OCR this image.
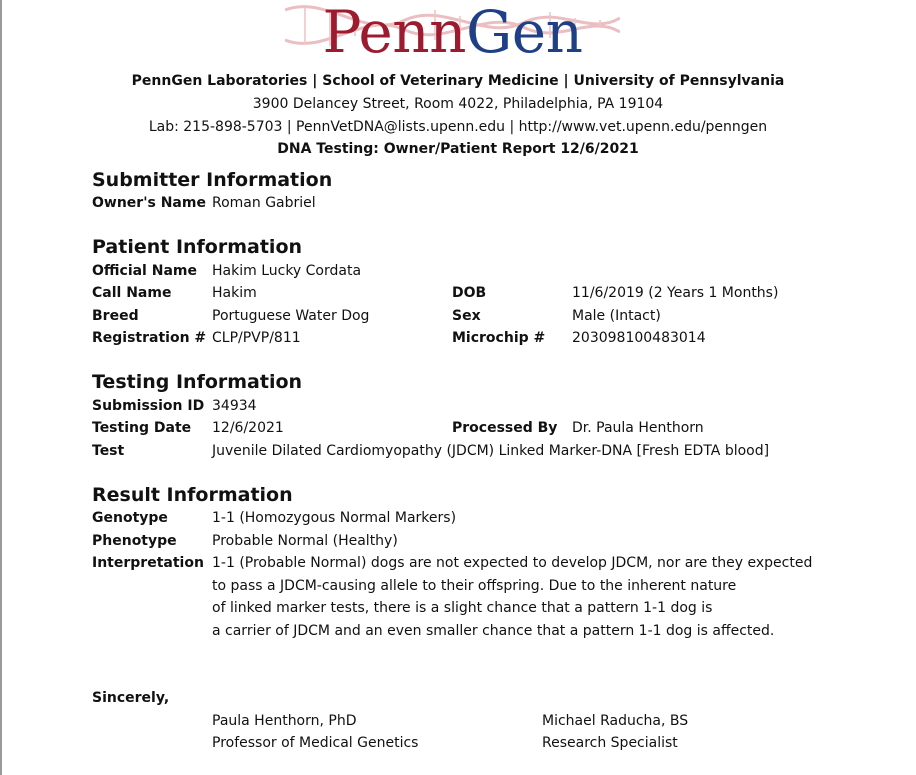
PennGen
PennGen Laboratories | School of Veterinary Medicine | University of Pennsylvania
3900 Delancey Street, Room 4022, Philadelphia, PA 19104
Lab: 215-898-5703 | PennVetDNA@lists.upenn.edu | http://www.vet.upenn.edu/penngen
DNA Testing: Owner/Patient Report 12/6/2021
Submitter Information
Owner's Name Roman Gabriel
Patient Information
Official Name Hakim Lucky Cordata
Call Name	Hakim	DOB	11/6/2019 (2 Years 1 Months)
Breed	Portuguese Water Dog	Sex	Male (Intact)
Registration # CLP/PVP/811	Microchip # 203098100483014
Testing Information
Submission ID 34934
Testing Date 12/6/2021	Processed By Dr. Paula Henthorn
Test	Juvenile Dilated Cardiomyopathy (JDCM) Linked Marker-DNA [Fresh EDTA blood]
Result Information
Genotype	1-1 (Homozygous Normal Markers)
Phenotype	Probable Normal (Healthy)
Interpretation 1-1 (Probable Normal) dogs are not expected to develop JDCM, nor are they expected
to pass a JDCM-causing allele to their offspring. Due to the inherent nature
of linked marker tests, there is a slight chance that a pattern 1-1 dog is
a carrier of JDCM and an even smaller chance that a pattern 1-1 dog is affected.
Sincerely,
Paula Henthorn, PhD
Professor of Medical Genetics
Michael Raducha, BS
Research Specialist
